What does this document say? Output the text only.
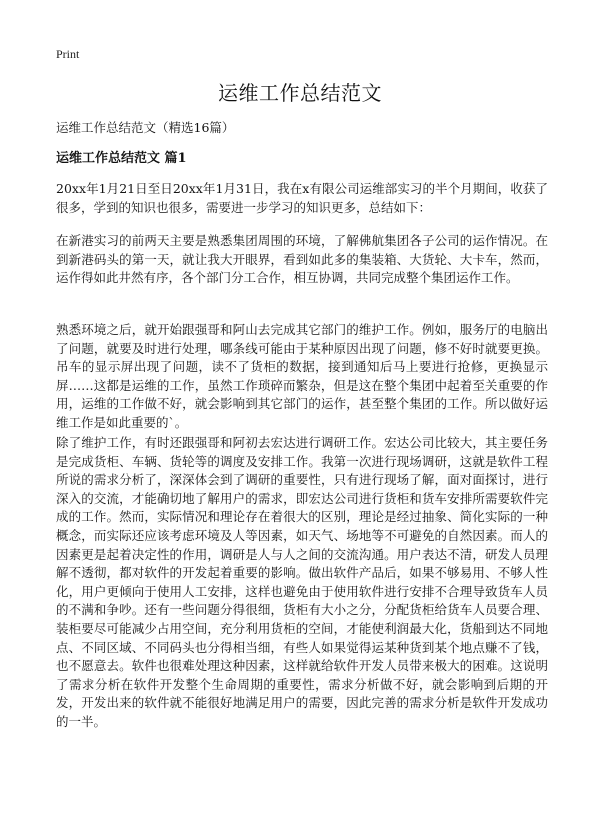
Print
运维工作总结范文
运维工作总结范文（精选16篇）
运维工作总结范文 篇1

20xx年1月21日至日20xx年1月31日，我在x有限公司运维部实习的半个月期间，收获了很多，学到的知识也很多，需要进一步学习的知识更多，总结如下：

在新港实习的前两天主要是熟悉集团周围的环境，了解佛航集团各子公司的运作情况。在到新港码头的第一天，就让我大开眼界，看到如此多的集装箱、大货轮、大卡车，然而，运作得如此井然有序，各个部门分工合作，相互协调，共同完成整个集团运作工作。

熟悉环境之后，就开始跟强哥和阿山去完成其它部门的维护工作。例如，服务厅的电脑出了问题，就要及时进行处理，哪条线可能由于某种原因出现了问题，修不好时就要更换。吊车的显示屏出现了问题，读不了货柜的数据，接到通知后马上要进行抢修，更换显示屏……这都是运维的工作，虽然工作琐碎而繁杂，但是这在整个集团中起着至关重要的作用，运维的工作做不好，就会影响到其它部门的运作，甚至整个集团的工作。所以做好运维工作是如此重要的`。

除了维护工作，有时还跟强哥和阿初去宏达进行调研工作。宏达公司比较大，其主要任务是完成货柜、车辆、货轮等的调度及安排工作。我第一次进行现场调研，这就是软件工程所说的需求分析了，深深体会到了调研的重要性，只有进行现场了解，面对面探讨，进行深入的交流，才能确切地了解用户的需求，即宏达公司进行货柜和货车安排所需要软件完成的工作。然而，实际情况和理论存在着很大的区别，理论是经过抽象、简化实际的一种概念，而实际还应该考虑环境及人等因素，如天气、场地等不可避免的自然因素。而人的因素更是起着决定性的作用，调研是人与人之间的交流沟通。用户表达不清，研发人员理解不透彻，都对软件的开发起着重要的影响。做出软件产品后，如果不够易用、不够人性化，用户更倾向于使用人工安排，这样也避免由于使用软件进行安排不合理导致货车人员的不满和争吵。还有一些问题分得很细，货柜有大小之分，分配货柜给货车人员要合理、装柜要尽可能减少占用空间，充分利用货柜的空间，才能使利润最大化，货船到达不同地点、不同区域、不同码头也分得相当细，有些人如果觉得运某种货到某个地点赚不了钱，也不愿意去。软件也很难处理这种因素，这样就给软件开发人员带来极大的困难。这说明了需求分析在软件开发整个生命周期的重要性，需求分析做不好，就会影响到后期的开发，开发出来的软件就不能很好地满足用户的需要，因此完善的需求分析是软件开发成功的一半。
